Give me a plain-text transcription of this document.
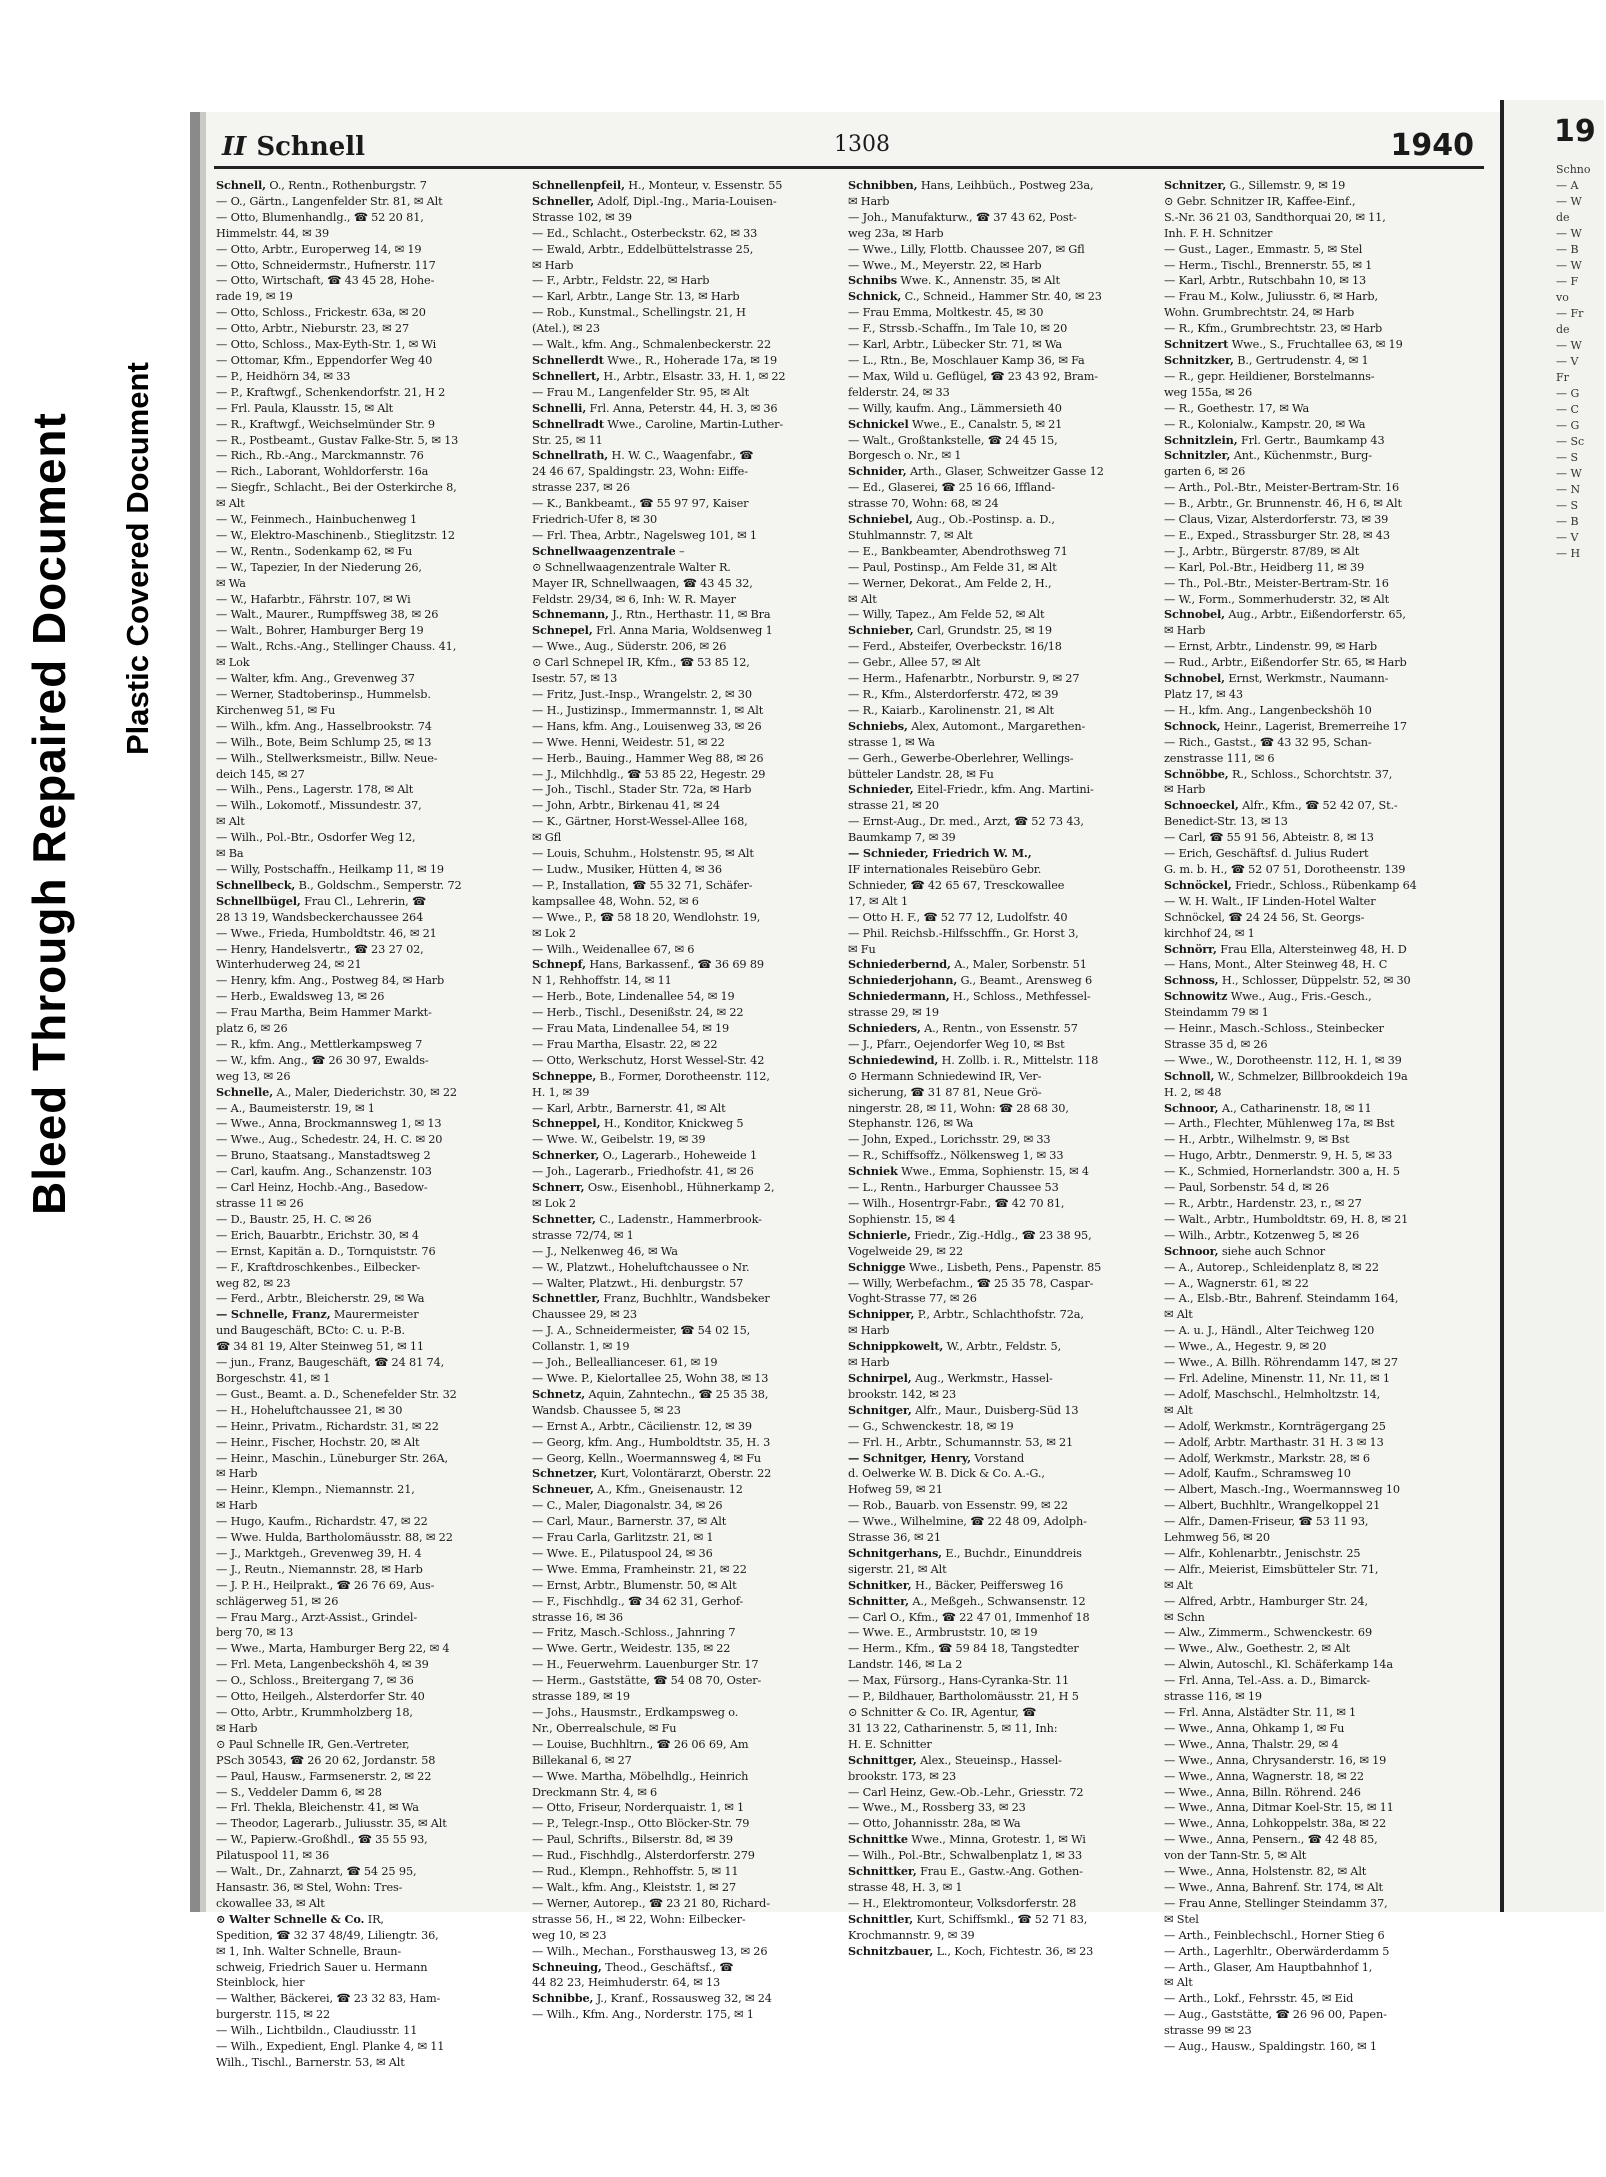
Bleed Through Repaired Document Plastic Covered Document
II Schnell	1308	1940
Schnell, O., Rentn., Rothenburgstr. 7
— O., Gärtn., Langenfelder Str. 81, ✉ Alt
— Otto, Blumenhandlg., ☎ 52 20 81,
Himmelstr. 44, ✉ 39
— Otto, Arbtr., Europerweg 14, ✉ 19
— Otto, Schneidermstr., Hufnerstr. 117
— Otto, Wirtschaft, ☎ 43 45 28, Hohe-
rade 19, ✉ 19
— Otto, Schloss., Frickestr. 63a, ✉ 20
— Otto, Arbtr., Nieburstr. 23, ✉ 27
— Otto, Schloss., Max-Eyth-Str. 1, ✉ Wi
— Ottomar, Kfm., Eppendorfer Weg 40
— P., Heidhörn 34, ✉ 33
— P., Kraftwgf., Schenkendorfstr. 21, H 2
— Frl. Paula, Klausstr. 15, ✉ Alt
— R., Kraftwgf., Weichselmünder Str. 9
— R., Postbeamt., Gustav Falke-Str. 5, ✉ 13
— Rich., Rb.-Ang., Marckmannstr. 76
— Rich., Laborant, Wohldorferstr. 16a
— Siegfr., Schlacht., Bei der Osterkirche 8,
✉ Alt
— W., Feinmech., Hainbuchenweg 1
— W., Elektro-Maschinenb., Stieglitzstr. 12
— W., Rentn., Sodenkamp 62, ✉ Fu
— W., Tapezier, In der Niederung 26,
✉ Wa
— W., Hafarbtr., Fährstr. 107, ✉ Wi
— Walt., Maurer., Rumpffsweg 38, ✉ 26
— Walt., Bohrer, Hamburger Berg 19
— Walt., Rchs.-Ang., Stellinger Chauss. 41,
✉ Lok
— Walter, kfm. Ang., Grevenweg 37
— Werner, Stadtoberinsp., Hummelsb.
Kirchenweg 51, ✉ Fu
— Wilh., kfm. Ang., Hasselbrookstr. 74
— Wilh., Bote, Beim Schlump 25, ✉ 13
— Wilh., Stellwerksmeistr., Billw. Neue-
deich 145, ✉ 27
— Wilh., Pens., Lagerstr. 178, ✉ Alt
— Wilh., Lokomotf., Missundestr. 37,
✉ Alt
— Wilh., Pol.-Btr., Osdorfer Weg 12,
✉ Ba
— Willy, Postschaffn., Heilkamp 11, ✉ 19
Schnellbeck, B., Goldschm., Semperstr. 72
Schnellbügel, Frau Cl., Lehrerin, ☎
28 13 19, Wandsbeckerchaussee 264
— Wwe., Frieda, Humboldtstr. 46, ✉ 21
— Henry, Handelsvertr., ☎ 23 27 02,
Winterhuderweg 24, ✉ 21
— Henry, kfm. Ang., Postweg 84, ✉ Harb
— Herb., Ewaldsweg 13, ✉ 26
— Frau Martha, Beim Hammer Markt-
platz 6, ✉ 26
— R., kfm. Ang., Mettlerkampsweg 7
— W., kfm. Ang., ☎ 26 30 97, Ewalds-
weg 13, ✉ 26
Schnelle, A., Maler, Diederichstr. 30, ✉ 22
— A., Baumeisterstr. 19, ✉ 1
— Wwe., Anna, Brockmannsweg 1, ✉ 13
— Wwe., Aug., Schedestr. 24, H. C. ✉ 20
— Bruno, Staatsang., Manstadtsweg 2
— Carl, kaufm. Ang., Schanzenstr. 103
— Carl Heinz, Hochb.-Ang., Basedow-
strasse 11 ✉ 26
— D., Baustr. 25, H. C. ✉ 26
— Erich, Bauarbtr., Erichstr. 30, ✉ 4
— Ernst, Kapitän a. D., Tornquiststr. 76
— F., Kraftdroschkenbes., Eilbecker-
weg 82, ✉ 23
— Ferd., Arbtr., Bleicherstr. 29, ✉ Wa
— Schnelle, Franz, Maurermeister
und Baugeschäft, BCto: C. u. P.-B.
☎ 34 81 19, Alter Steinweg 51, ✉ 11
— jun., Franz, Baugeschäft, ☎ 24 81 74,
Borgeschstr. 41, ✉ 1
— Gust., Beamt. a. D., Schenefelder Str. 32
— H., Hoheluftchaussee 21, ✉ 30
— Heinr., Privatm., Richardstr. 31, ✉ 22
— Heinr., Fischer, Hochstr. 20, ✉ Alt
— Heinr., Maschin., Lüneburger Str. 26A,
✉ Harb
— Heinr., Klempn., Niemannstr. 21,
✉ Harb
— Hugo, Kaufm., Richardstr. 47, ✉ 22
— Wwe. Hulda, Bartholomäusstr. 88, ✉ 22
— J., Marktgeh., Grevenweg 39, H. 4
— J., Reutn., Niemannstr. 28, ✉ Harb
— J. P. H., Heilprakt., ☎ 26 76 69, Aus-
schlägerweg 51, ✉ 26
— Frau Marg., Arzt-Assist., Grindel-
berg 70, ✉ 13
— Wwe., Marta, Hamburger Berg 22, ✉ 4
— Frl. Meta, Langenbeckshöh 4, ✉ 39
— O., Schloss., Breitergang 7, ✉ 36
— Otto, Heilgeh., Alsterdorfer Str. 40
— Otto, Arbtr., Krummholzberg 18,
✉ Harb
⊙ Paul Schnelle IR, Gen.-Vertreter,
PSch 30543, ☎ 26 20 62, Jordanstr. 58
— Paul, Hausw., Farmsenerstr. 2, ✉ 22
— S., Veddeler Damm 6, ✉ 28
— Frl. Thekla, Bleichenstr. 41, ✉ Wa
— Theodor, Lagerarb., Juliusstr. 35, ✉ Alt
— W., Papierw.-Großhdl., ☎ 35 55 93,
Pilatuspool 11, ✉ 36
— Walt., Dr., Zahnarzt, ☎ 54 25 95,
Hansastr. 36, ✉ Stel, Wohn: Tres-
ckowallee 33, ✉ Alt
⊙ Walter Schnelle & Co. IR,
Spedition, ☎ 32 37 48/49, Liliengtr. 36,
✉ 1, Inh. Walter Schnelle, Braun-
schweig, Friedrich Sauer u. Hermann
Steinblock, hier
— Walther, Bäckerei, ☎ 23 32 83, Ham-
burgerstr. 115, ✉ 22
— Wilh., Lichtbildn., Claudiusstr. 11
— Wilh., Expedient, Engl. Planke 4, ✉ 11
Wilh., Tischl., Barnerstr. 53, ✉ Alt
Schnellenpfeil, H., Monteur, v. Essenstr. 55
Schneller, Adolf, Dipl.-Ing., Maria-Louisen-
Strasse 102, ✉ 39
— Ed., Schlacht., Osterbeckstr. 62, ✉ 33
— Ewald, Arbtr., Eddelbüttelstrasse 25,
✉ Harb
— F., Arbtr., Feldstr. 22, ✉ Harb
— Karl, Arbtr., Lange Str. 13, ✉ Harb
— Rob., Kunstmal., Schellingstr. 21, H
(Atel.), ✉ 23
— Walt., kfm. Ang., Schmalenbeckerstr. 22
Schnellerdt Wwe., R., Hoherade 17a, ✉ 19
Schnellert, H., Arbtr., Elsastr. 33, H. 1, ✉ 22
— Frau M., Langenfelder Str. 95, ✉ Alt
Schnelli, Frl. Anna, Peterstr. 44, H. 3, ✉ 36
Schnellradt Wwe., Caroline, Martin-Luther-
Str. 25, ✉ 11
Schnellrath, H. W. C., Waagenfabr., ☎
24 46 67, Spaldingstr. 23, Wohn: Eiffe-
strasse 237, ✉ 26
— K., Bankbeamt., ☎ 55 97 97, Kaiser
Friedrich-Ufer 8, ✉ 30
— Frl. Thea, Arbtr., Nagelsweg 101, ✉ 1
Schnellwaagenzentrale –
⊙ Schnellwaagenzentrale Walter R.
Mayer IR, Schnellwaagen, ☎ 43 45 32,
Feldstr. 29/34, ✉ 6, Inh: W. R. Mayer
Schnemann, J., Rtn., Herthastr. 11, ✉ Bra
Schnepel, Frl. Anna Maria, Woldsenweg 1
— Wwe., Aug., Süderstr. 206, ✉ 26
⊙ Carl Schnepel IR, Kfm., ☎ 53 85 12,
Isestr. 57, ✉ 13
— Fritz, Just.-Insp., Wrangelstr. 2, ✉ 30
— H., Justizinsp., Immermannstr. 1, ✉ Alt
— Hans, kfm. Ang., Louisenweg 33, ✉ 26
— Wwe. Henni, Weidestr. 51, ✉ 22
— Herb., Bauing., Hammer Weg 88, ✉ 26
— J., Milchhdlg., ☎ 53 85 22, Hegestr. 29
— Joh., Tischl., Stader Str. 72a, ✉ Harb
— John, Arbtr., Birkenau 41, ✉ 24
— K., Gärtner, Horst-Wessel-Allee 168,
✉ Gfl
— Louis, Schuhm., Holstenstr. 95, ✉ Alt
— Ludw., Musiker, Hütten 4, ✉ 36
— P., Installation, ☎ 55 32 71, Schäfer-
kampsallee 48, Wohn. 52, ✉ 6
— Wwe., P., ☎ 58 18 20, Wendlohstr. 19,
✉ Lok 2
— Wilh., Weidenallee 67, ✉ 6
Schnepf, Hans, Barkassenf., ☎ 36 69 89
N 1, Rehhoffstr. 14, ✉ 11
— Herb., Bote, Lindenallee 54, ✉ 19
— Herb., Tischl., Desenißstr. 24, ✉ 22
— Frau Mata, Lindenallee 54, ✉ 19
— Frau Martha, Elsastr. 22, ✉ 22
— Otto, Werkschutz, Horst Wessel-Str. 42
Schneppe, B., Former, Dorotheenstr. 112,
H. 1, ✉ 39
— Karl, Arbtr., Barnerstr. 41, ✉ Alt
Schneppel, H., Konditor, Knickweg 5
— Wwe. W., Geibelstr. 19, ✉ 39
Schnerker, O., Lagerarb., Hoheweide 1
— Joh., Lagerarb., Friedhofstr. 41, ✉ 26
Schnerr, Osw., Eisenhobl., Hühnerkamp 2,
✉ Lok 2
Schnetter, C., Ladenstr., Hammerbrook-
strasse 72/74, ✉ 1
— J., Nelkenweg 46, ✉ Wa
— W., Platzwt., Hoheluftchaussee o Nr.
— Walter, Platzwt., Hi. denburgstr. 57
Schnettler, Franz, Buchhltr., Wandsbeker
Chaussee 29, ✉ 23
— J. A., Schneidermeister, ☎ 54 02 15,
Collanstr. 1, ✉ 19
— Joh., Belleallianceser. 61, ✉ 19
— Wwe. P., Kielortallee 25, Wohn 38, ✉ 13
Schnetz, Aquin, Zahntechn., ☎ 25 35 38,
Wandsb. Chaussee 5, ✉ 23
— Ernst A., Arbtr., Cäcilienstr. 12, ✉ 39
— Georg, kfm. Ang., Humboldtstr. 35, H. 3
— Georg, Kelln., Woermannsweg 4, ✉ Fu
Schnetzer, Kurt, Volontärarzt, Oberstr. 22
Schneuer, A., Kfm., Gneisenaustr. 12
— C., Maler, Diagonalstr. 34, ✉ 26
— Carl, Maur., Barnerstr. 37, ✉ Alt
— Frau Carla, Garlitzstr. 21, ✉ 1
— Wwe. E., Pilatuspool 24, ✉ 36
— Wwe. Emma, Framheinstr. 21, ✉ 22
— Ernst, Arbtr., Blumenstr. 50, ✉ Alt
— F., Fischhdlg., ☎ 34 62 31, Gerhof-
strasse 16, ✉ 36
— Fritz, Masch.-Schloss., Jahnring 7
— Wwe. Gertr., Weidestr. 135, ✉ 22
— H., Feuerwehrm. Lauenburger Str. 17
— Herm., Gaststätte, ☎ 54 08 70, Oster-
strasse 189, ✉ 19
— Johs., Hausmstr., Erdkampsweg o.
Nr., Oberrealschule, ✉ Fu
— Louise, Buchhltrn., ☎ 26 06 69, Am
Billekanal 6, ✉ 27
— Wwe. Martha, Möbelhdlg., Heinrich
Dreckmann Str. 4, ✉ 6
— Otto, Friseur, Norderquaistr. 1, ✉ 1
— P., Telegr.-Insp., Otto Blöcker-Str. 79
— Paul, Schrifts., Bilserstr. 8d, ✉ 39
— Rud., Fischhdlg., Alsterdorferstr. 279
— Rud., Klempn., Rehhoffstr. 5, ✉ 11
— Walt., kfm. Ang., Kleiststr. 1, ✉ 27
— Werner, Autorep., ☎ 23 21 80, Richard-
strasse 56, H., ✉ 22, Wohn: Eilbecker-
weg 10, ✉ 23
— Wilh., Mechan., Forsthausweg 13, ✉ 26
Schneuing, Theod., Geschäftsf., ☎
44 82 23, Heimhuderstr. 64, ✉ 13
Schnibbe, J., Kranf., Rossausweg 32, ✉ 24
— Wilh., Kfm. Ang., Norderstr. 175, ✉ 1
Schnibben, Hans, Leihbüch., Postweg 23a,
✉ Harb
— Joh., Manufakturw., ☎ 37 43 62, Post-
weg 23a, ✉ Harb
— Wwe., Lilly, Flottb. Chaussee 207, ✉ Gfl
— Wwe., M., Meyerstr. 22, ✉ Harb
Schnibs Wwe. K., Annenstr. 35, ✉ Alt
Schnick, C., Schneid., Hammer Str. 40, ✉ 23
— Frau Emma, Moltkestr. 45, ✉ 30
— F., Strssb.-Schaffn., Im Tale 10, ✉ 20
— Karl, Arbtr., Lübecker Str. 71, ✉ Wa
— L., Rtn., Be, Moschlauer Kamp 36, ✉ Fa
— Max, Wild u. Geflügel, ☎ 23 43 92, Bram-
felderstr. 24, ✉ 33
— Willy, kaufm. Ang., Lämmersieth 40
Schnickel Wwe., E., Canalstr. 5, ✉ 21
— Walt., Großtankstelle, ☎ 24 45 15,
Borgesch o. Nr., ✉ 1
Schnider, Arth., Glaser, Schweitzer Gasse 12
— Ed., Glaserei, ☎ 25 16 66, Iffland-
strasse 70, Wohn: 68, ✉ 24
Schniebel, Aug., Ob.-Postinsp. a. D.,
Stuhlmannstr. 7, ✉ Alt
— E., Bankbeamter, Abendrothsweg 71
— Paul, Postinsp., Am Felde 31, ✉ Alt
— Werner, Dekorat., Am Felde 2, H.,
✉ Alt
— Willy, Tapez., Am Felde 52, ✉ Alt
Schnieber, Carl, Grundstr. 25, ✉ 19
— Ferd., Absteifer, Overbeckstr. 16/18
— Gebr., Allee 57, ✉ Alt
— Herm., Hafenarbtr., Norburstr. 9, ✉ 27
— R., Kfm., Alsterdorferstr. 472, ✉ 39
— R., Kaiarb., Karolinenstr. 21, ✉ Alt
Schniebs, Alex, Automont., Margarethen-
strasse 1, ✉ Wa
— Gerh., Gewerbe-Oberlehrer, Wellings-
bütteler Landstr. 28, ✉ Fu
Schnieder, Eitel-Friedr., kfm. Ang. Martini-
strasse 21, ✉ 20
— Ernst-Aug., Dr. med., Arzt, ☎ 52 73 43,
Baumkamp 7, ✉ 39
— Schnieder, Friedrich W. M.,
IF internationales Reisebüro Gebr.
Schnieder, ☎ 42 65 67, Tresckowallee
17, ✉ Alt 1
— Otto H. F., ☎ 52 77 12, Ludolfstr. 40
— Phil. Reichsb.-Hilfsschffn., Gr. Horst 3,
✉ Fu
Schniederbernd, A., Maler, Sorbenstr. 51
Schniederjohann, G., Beamt., Arensweg 6
Schniedermann, H., Schloss., Methfessel-
strasse 29, ✉ 19
Schnieders, A., Rentn., von Essenstr. 57
— J., Pfarr., Oejendorfer Weg 10, ✉ Bst
Schniedewind, H. Zollb. i. R., Mittelstr. 118
⊙ Hermann Schniedewind IR, Ver-
sicherung, ☎ 31 87 81, Neue Grö-
ningerstr. 28, ✉ 11, Wohn: ☎ 28 68 30,
Stephanstr. 126, ✉ Wa
— John, Exped., Lorichsstr. 29, ✉ 33
— R., Schiffsoffz., Nölkensweg 1, ✉ 33
Schniek Wwe., Emma, Sophienstr. 15, ✉ 4
— L., Rentn., Harburger Chaussee 53
— Wilh., Hosentrgr-Fabr., ☎ 42 70 81,
Sophienstr. 15, ✉ 4
Schnierle, Friedr., Zig.-Hdlg., ☎ 23 38 95,
Vogelweide 29, ✉ 22
Schnigge Wwe., Lisbeth, Pens., Papenstr. 85
— Willy, Werbefachm., ☎ 25 35 78, Caspar-
Voght-Strasse 77, ✉ 26
Schnipper, P., Arbtr., Schlachthofstr. 72a,
✉ Harb
Schnippkowelt, W., Arbtr., Feldstr. 5,
✉ Harb
Schnirpel, Aug., Werkmstr., Hassel-
brookstr. 142, ✉ 23
Schnitger, Alfr., Maur., Duisberg-Süd 13
— G., Schwenckestr. 18, ✉ 19
— Frl. H., Arbtr., Schumannstr. 53, ✉ 21
— Schnitger, Henry, Vorstand
d. Oelwerke W. B. Dick & Co. A.-G.,
Hofweg 59, ✉ 21
— Rob., Bauarb. von Essenstr. 99, ✉ 22
— Wwe., Wilhelmine, ☎ 22 48 09, Adolph-
Strasse 36, ✉ 21
Schnitgerhans, E., Buchdr., Einunddreis
sigerstr. 21, ✉ Alt
Schnitker, H., Bäcker, Peiffersweg 16
Schnitter, A., Meßgeh., Schwansenstr. 12
— Carl O., Kfm., ☎ 22 47 01, Immenhof 18
— Wwe. E., Armbruststr. 10, ✉ 19
— Herm., Kfm., ☎ 59 84 18, Tangstedter
Landstr. 146, ✉ La 2
— Max, Fürsorg., Hans-Cyranka-Str. 11
— P., Bildhauer, Bartholomäusstr. 21, H 5
⊙ Schnitter & Co. IR, Agentur, ☎
31 13 22, Catharinenstr. 5, ✉ 11, Inh:
H. E. Schnitter
Schnittger, Alex., Steueinsp., Hassel-
brookstr. 173, ✉ 23
— Carl Heinz, Gew.-Ob.-Lehr., Griesstr. 72
— Wwe., M., Rossberg 33, ✉ 23
— Otto, Johannisstr. 28a, ✉ Wa
Schnittke Wwe., Minna, Grotestr. 1, ✉ Wi
— Wilh., Pol.-Btr., Schwalbenplatz 1, ✉ 33
Schnittker, Frau E., Gastw.-Ang. Gothen-
strasse 48, H. 3, ✉ 1
— H., Elektromonteur, Volksdorferstr. 28
Schnittler, Kurt, Schiffsmkl., ☎ 52 71 83,
Krochmannstr. 9, ✉ 39
Schnitzbauer, L., Koch, Fichtestr. 36, ✉ 23
Schnitzer, G., Sillemstr. 9, ✉ 19
⊙ Gebr. Schnitzer IR, Kaffee-Einf.,
S.-Nr. 36 21 03, Sandthorquai 20, ✉ 11,
Inh. F. H. Schnitzer
— Gust., Lager., Emmastr. 5, ✉ Stel
— Herm., Tischl., Brennerstr. 55, ✉ 1
— Karl, Arbtr., Rutschbahn 10, ✉ 13
— Frau M., Kolw., Juliusstr. 6, ✉ Harb,
Wohn. Grumbrechtstr. 24, ✉ Harb
— R., Kfm., Grumbrechtstr. 23, ✉ Harb
Schnitzert Wwe., S., Fruchtallee 63, ✉ 19
Schnitzker, B., Gertrudenstr. 4, ✉ 1
— R., gepr. Heildiener, Borstelmanns-
weg 155a, ✉ 26
— R., Goethestr. 17, ✉ Wa
— R., Kolonialw., Kampstr. 20, ✉ Wa
Schnitzlein, Frl. Gertr., Baumkamp 43
Schnitzler, Ant., Küchenmstr., Burg-
garten 6, ✉ 26
— Arth., Pol.-Btr., Meister-Bertram-Str. 16
— B., Arbtr., Gr. Brunnenstr. 46, H 6, ✉ Alt
— Claus, Vizar, Alsterdorferstr. 73, ✉ 39
— E., Exped., Strassburger Str. 28, ✉ 43
— J., Arbtr., Bürgerstr. 87/89, ✉ Alt
— Karl, Pol.-Btr., Heidberg 11, ✉ 39
— Th., Pol.-Btr., Meister-Bertram-Str. 16
— W., Form., Sommerhuderstr. 32, ✉ Alt
Schnobel, Aug., Arbtr., Eißendorferstr. 65,
✉ Harb
— Ernst, Arbtr., Lindenstr. 99, ✉ Harb
— Rud., Arbtr., Eißendorfer Str. 65, ✉ Harb
Schnobel, Ernst, Werkmstr., Naumann-
Platz 17, ✉ 43
— H., kfm. Ang., Langenbeckshöh 10
Schnock, Heinr., Lagerist, Bremerreihe 17
— Rich., Gastst., ☎ 43 32 95, Schan-
zenstrasse 111, ✉ 6
Schnöbbe, R., Schloss., Schorchtstr. 37,
✉ Harb
Schnoeckel, Alfr., Kfm., ☎ 52 42 07, St.-
Benedict-Str. 13, ✉ 13
— Carl, ☎ 55 91 56, Abteistr. 8, ✉ 13
— Erich, Geschäftsf. d. Julius Rudert
G. m. b. H., ☎ 52 07 51, Dorotheenstr. 139
Schnöckel, Friedr., Schloss., Rübenkamp 64
— W. H. Walt., IF Linden-Hotel Walter
Schnöckel, ☎ 24 24 56, St. Georgs-
kirchhof 24, ✉ 1
Schnörr, Frau Ella, Altersteinweg 48, H. D
— Hans, Mont., Alter Steinweg 48, H. C
Schnoss, H., Schlosser, Düppelstr. 52, ✉ 30
Schnowitz Wwe., Aug., Fris.-Gesch.,
Steindamm 79 ✉ 1
— Heinr., Masch.-Schloss., Steinbecker
Strasse 35 d, ✉ 26
— Wwe., W., Dorotheenstr. 112, H. 1, ✉ 39
Schnoll, W., Schmelzer, Billbrookdeich 19a
H. 2, ✉ 48
Schnoor, A., Catharinenstr. 18, ✉ 11
— Arth., Flechter, Mühlenweg 17a, ✉ Bst
— H., Arbtr., Wilhelmstr. 9, ✉ Bst
— Hugo, Arbtr., Denmerstr. 9, H. 5, ✉ 33
— K., Schmied, Hornerlandstr. 300 a, H. 5
— Paul, Sorbenstr. 54 d, ✉ 26
— R., Arbtr., Hardenstr. 23, r., ✉ 27
— Walt., Arbtr., Humboldtstr. 69, H. 8, ✉ 21
— Wilh., Arbtr., Kotzenweg 5, ✉ 26
Schnoor, siehe auch Schnor
— A., Autorep., Schleidenplatz 8, ✉ 22
— A., Wagnerstr. 61, ✉ 22
— A., Elsb.-Btr., Bahrenf. Steindamm 164,
✉ Alt
— A. u. J., Händl., Alter Teichweg 120
— Wwe., A., Hegestr. 9, ✉ 20
— Wwe., A. Billh. Röhrendamm 147, ✉ 27
— Frl. Adeline, Minenstr. 11, Nr. 11, ✉ 1
— Adolf, Maschschl., Helmholtzstr. 14,
✉ Alt
— Adolf, Werkmstr., Kornträgergang 25
— Adolf, Arbtr. Marthastr. 31 H. 3 ✉ 13
— Adolf, Werkmstr., Markstr. 28, ✉ 6
— Adolf, Kaufm., Schramsweg 10
— Albert, Masch.-Ing., Woermannsweg 10
— Albert, Buchhltr., Wrangelkoppel 21
— Alfr., Damen-Friseur, ☎ 53 11 93,
Lehmweg 56, ✉ 20
— Alfr., Kohlenarbtr., Jenischstr. 25
— Alfr., Meierist, Eimsbütteler Str. 71,
✉ Alt
— Alfred, Arbtr., Hamburger Str. 24,
✉ Schn
— Alw., Zimmerm., Schwenckestr. 69
— Wwe., Alw., Goethestr. 2, ✉ Alt
— Alwin, Autoschl., Kl. Schäferkamp 14a
— Frl. Anna, Tel.-Ass. a. D., Bimarck-
strasse 116, ✉ 19
— Frl. Anna, Alstädter Str. 11, ✉ 1
— Wwe., Anna, Ohkamp 1, ✉ Fu
— Wwe., Anna, Thalstr. 29, ✉ 4
— Wwe., Anna, Chrysanderstr. 16, ✉ 19
— Wwe., Anna, Wagnerstr. 18, ✉ 22
— Wwe., Anna, Billn. Röhrend. 246
— Wwe., Anna, Ditmar Koel-Str. 15, ✉ 11
— Wwe., Anna, Lohkoppelstr. 38a, ✉ 22
— Wwe., Anna, Pensern., ☎ 42 48 85,
von der Tann-Str. 5, ✉ Alt
— Wwe., Anna, Holstenstr. 82, ✉ Alt
— Wwe., Anna, Bahrenf. Str. 174, ✉ Alt
— Frau Anne, Stellinger Steindamm 37,
✉ Stel
— Arth., Feinblechschl., Horner Stieg 6
— Arth., Lagerhltr., Oberwärderdamm 5
— Arth., Glaser, Am Hauptbahnhof 1,
✉ Alt
— Arth., Lokf., Fehrsstr. 45, ✉ Eid
— Aug., Gaststätte, ☎ 26 96 00, Papen-
strasse 99 ✉ 23
— Aug., Hausw., Spaldingstr. 160, ✉ 1
19
Schno
— A
— W
de
— W
— B
— W
— F
vo
— Fr
de
— W
— V
Fr
— G
— C
— G
— Sc
— S
— W
— N
— S
— B
— V
— H
